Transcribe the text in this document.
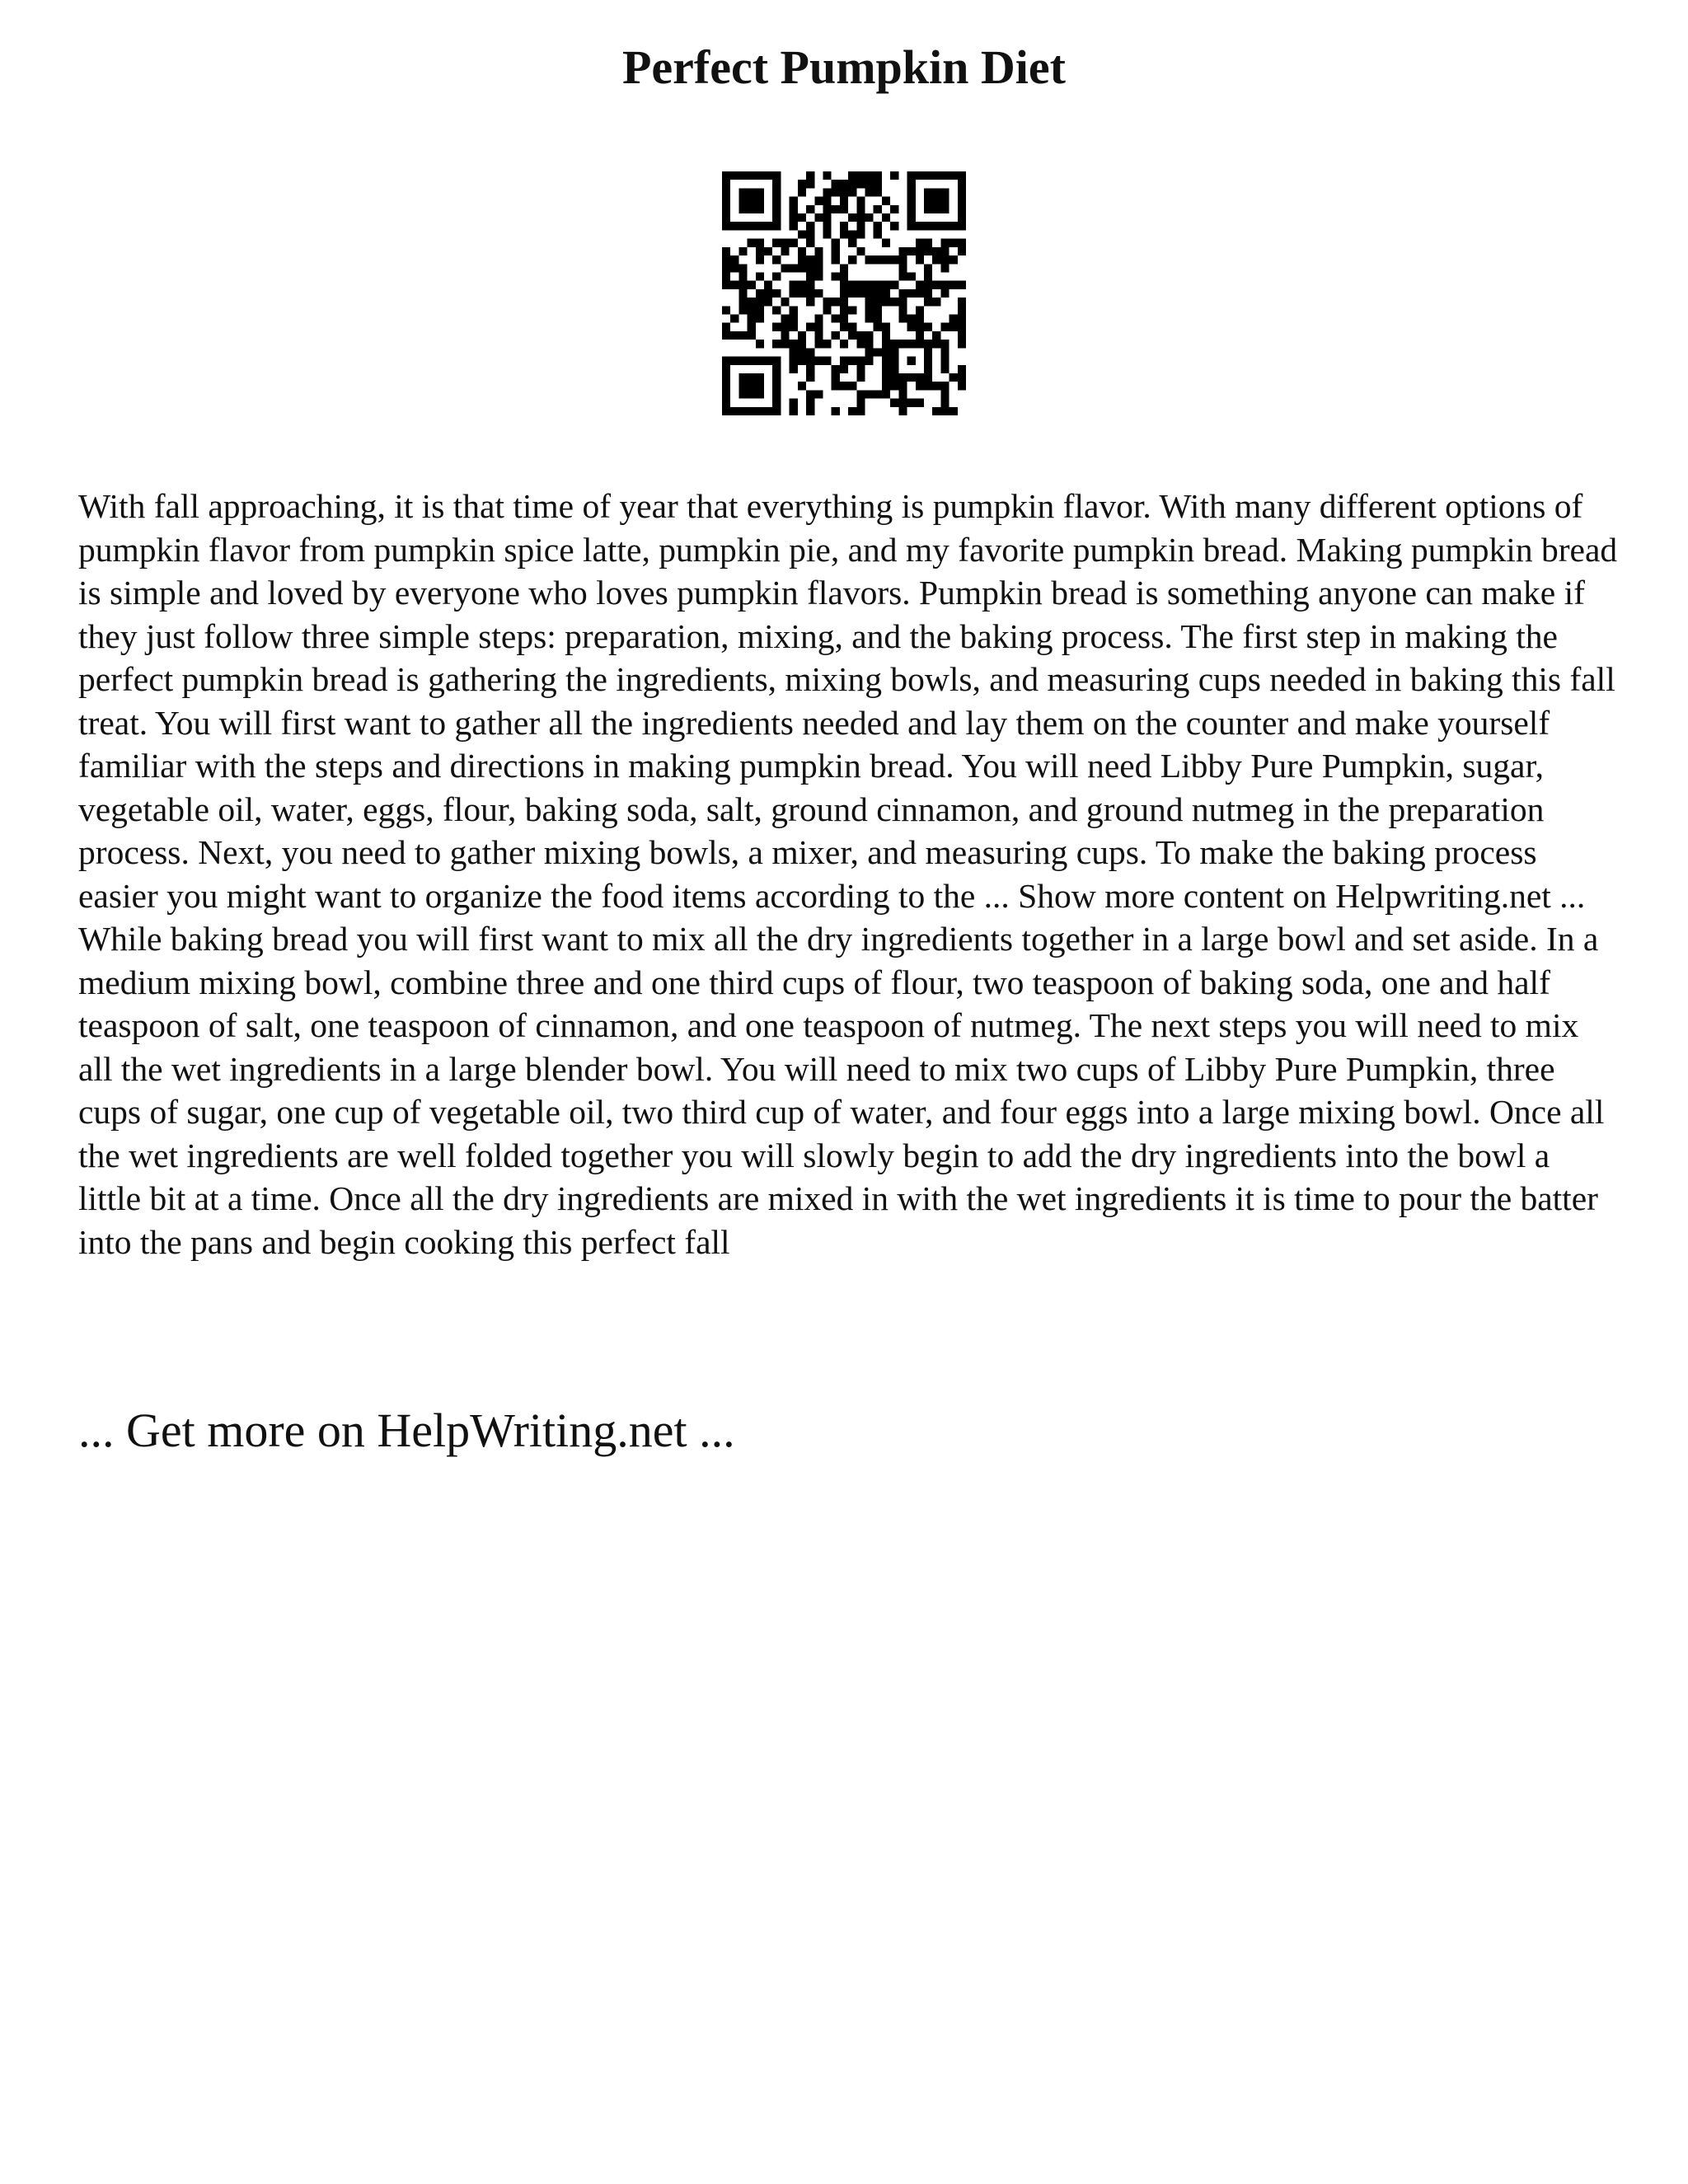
Perfect Pumpkin Diet

With fall approaching, it is that time of year that everything is pumpkin flavor. With many different options of pumpkin flavor from pumpkin spice latte, pumpkin pie, and my favorite pumpkin bread. Making pumpkin bread is simple and loved by everyone who loves pumpkin flavors. Pumpkin bread is something anyone can make if they just follow three simple steps: preparation, mixing, and the baking process. The first step in making the perfect pumpkin bread is gathering the ingredients, mixing bowls, and measuring cups needed in baking this fall treat. You will first want to gather all the ingredients needed and lay them on the counter and make yourself familiar with the steps and directions in making pumpkin bread. You will need Libby Pure Pumpkin, sugar, vegetable oil, water, eggs, flour, baking soda, salt, ground cinnamon, and ground nutmeg in the preparation process. Next, you need to gather mixing bowls, a mixer, and measuring cups. To make the baking process easier you might want to organize the food items according to the ... Show more content on Helpwriting.net ... While baking bread you will first want to mix all the dry ingredients together in a large bowl and set aside. In a medium mixing bowl, combine three and one third cups of flour, two teaspoon of baking soda, one and half teaspoon of salt, one teaspoon of cinnamon, and one teaspoon of nutmeg. The next steps you will need to mix all the wet ingredients in a large blender bowl. You will need to mix two cups of Libby Pure Pumpkin, three cups of sugar, one cup of vegetable oil, two third cup of water, and four eggs into a large mixing bowl. Once all the wet ingredients are well folded together you will slowly begin to add the dry ingredients into the bowl a little bit at a time. Once all the dry ingredients are mixed in with the wet ingredients it is time to pour the batter into the pans and begin cooking this perfect fall

... Get more on HelpWriting.net ...
